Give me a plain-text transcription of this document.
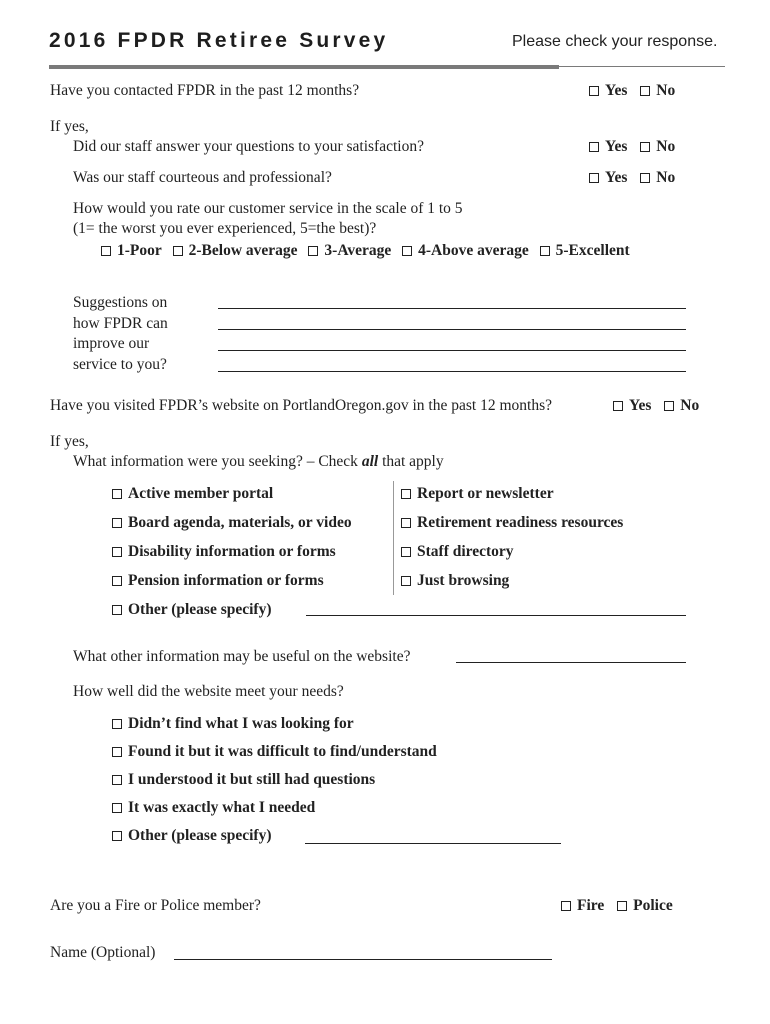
2016 FPDR Retiree Survey	Please check your response.
Have you contacted FPDR in the past 12 months?	Yes
No
If yes,
Did our staff answer your questions to your satisfaction?	Yes
No
Was our staff courteous and professional?	Yes
No
How would you rate our customer service in the scale of 1 to 5
(1= the worst you ever experienced, 5=the best)?
1-Poor
2-Below average
3-Average
4-Above average
5-Excellent
Suggestions on
how FPDR can
improve our
service to you?
Have you visited FPDR’s website on PortlandOregon.gov in the past 12 months?	Yes
No
If yes,
What information were you seeking? – Check all that apply
Active member portal
Board agenda, materials, or video
Disability information or forms
Pension information or forms
Report or newsletter
Retirement readiness resources
Staff directory
Just browsing
Other (please specify)
What other information may be useful on the website?
How well did the website meet your needs?
Didn’t find what I was looking for
Found it but it was difficult to find/understand
I understood it but still had questions
It was exactly what I needed
Other (please specify)
Are you a Fire or Police member?	Fire
Police
Name (Optional)
